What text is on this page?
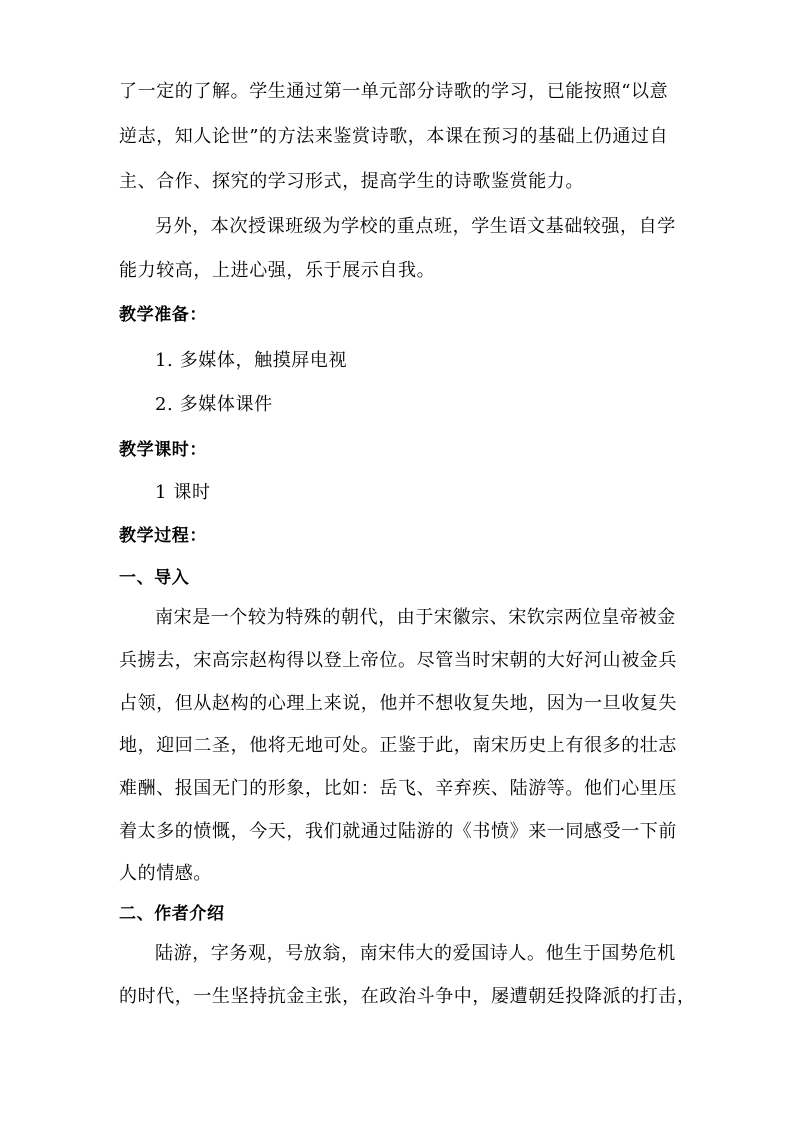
了一定的了解。学生通过第一单元部分诗歌的学习，已能按照“以意
逆志，知人论世”的方法来鉴赏诗歌，本课在预习的基础上仍通过自
主、合作、探究的学习形式，提高学生的诗歌鉴赏能力。
另外，本次授课班级为学校的重点班，学生语文基础较强，自学
能力较高，上进心强，乐于展示自我。
教学准备：
1. 多媒体，触摸屏电视
2. 多媒体课件
教学课时：
1 课时
教学过程：
一、导入
南宋是一个较为特殊的朝代，由于宋徽宗、宋钦宗两位皇帝被金
兵掳去，宋高宗赵构得以登上帝位。尽管当时宋朝的大好河山被金兵
占领，但从赵构的心理上来说，他并不想收复失地，因为一旦收复失
地，迎回二圣，他将无地可处。正鉴于此，南宋历史上有很多的壮志
难酬、报国无门的形象，比如：岳飞、辛弃疾、陆游等。他们心里压
着太多的愤慨，今天，我们就通过陆游的《书愤》来一同感受一下前
人的情感。
二、作者介绍
陆游，字务观，号放翁，南宋伟大的爱国诗人。他生于国势危机
的时代，一生坚持抗金主张，在政治斗争中，屡遭朝廷投降派的打击，
